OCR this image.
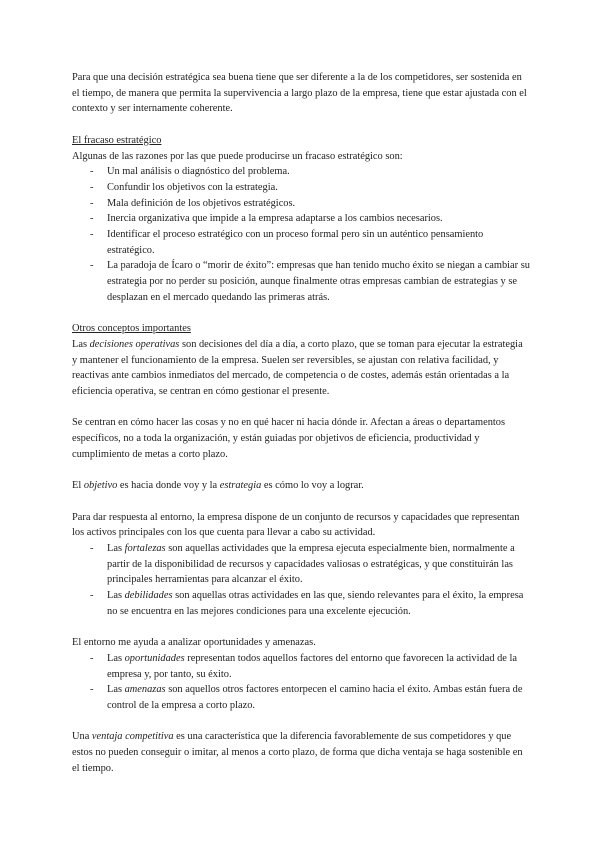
Para que una decisión estratégica sea buena tiene que ser diferente a la de los competidores, ser sostenida en el tiempo, de manera que permita la supervivencia a largo plazo de la empresa, tiene que estar ajustada con el contexto y ser internamente coherente.

El fracaso estratégico

Algunas de las razones por las que puede producirse un fracaso estratégico son:

- Un mal análisis o diagnóstico del problema.
- Confundir los objetivos con la estrategia.
- Mala definición de los objetivos estratégicos.
- Inercia organizativa que impide a la empresa adaptarse a los cambios necesarios.
- Identificar el proceso estratégico con un proceso formal pero sin un auténtico pensamiento estratégico.
- La paradoja de Ícaro o “morir de éxito”: empresas que han tenido mucho éxito se niegan a cambiar su estrategia por no perder su posición, aunque finalmente otras empresas cambian de estrategias y se desplazan en el mercado quedando las primeras atrás.

Otros conceptos importantes

Las decisiones operativas son decisiones del día a día, a corto plazo, que se toman para ejecutar la estrategia y mantener el funcionamiento de la empresa. Suelen ser reversibles, se ajustan con relativa facilidad, y reactivas ante cambios inmediatos del mercado, de competencia o de costes, además están orientadas a la eficiencia operativa, se centran en cómo gestionar el presente.

Se centran en cómo hacer las cosas y no en qué hacer ni hacia dónde ir. Afectan a áreas o departamentos específicos, no a toda la organización, y están guiadas por objetivos de eficiencia, productividad y cumplimiento de metas a corto plazo.

El objetivo es hacia donde voy y la estrategia es cómo lo voy a lograr.

Para dar respuesta al entorno, la empresa dispone de un conjunto de recursos y capacidades que representan los activos principales con los que cuenta para llevar a cabo su actividad.

- Las fortalezas son aquellas actividades que la empresa ejecuta especialmente bien, normalmente a partir de la disponibilidad de recursos y capacidades valiosas o estratégicas, y que constituirán las principales herramientas para alcanzar el éxito.
- Las debilidades son aquellas otras actividades en las que, siendo relevantes para el éxito, la empresa no se encuentra en las mejores condiciones para una excelente ejecución.

El entorno me ayuda a analizar oportunidades y amenazas.

- Las oportunidades representan todos aquellos factores del entorno que favorecen la actividad de la empresa y, por tanto, su éxito.
- Las amenazas son aquellos otros factores entorpecen el camino hacia el éxito. Ambas están fuera de control de la empresa a corto plazo.

Una ventaja competitiva es una característica que la diferencia favorablemente de sus competidores y que estos no pueden conseguir o imitar, al menos a corto plazo, de forma que dicha ventaja se haga sostenible en el tiempo.
